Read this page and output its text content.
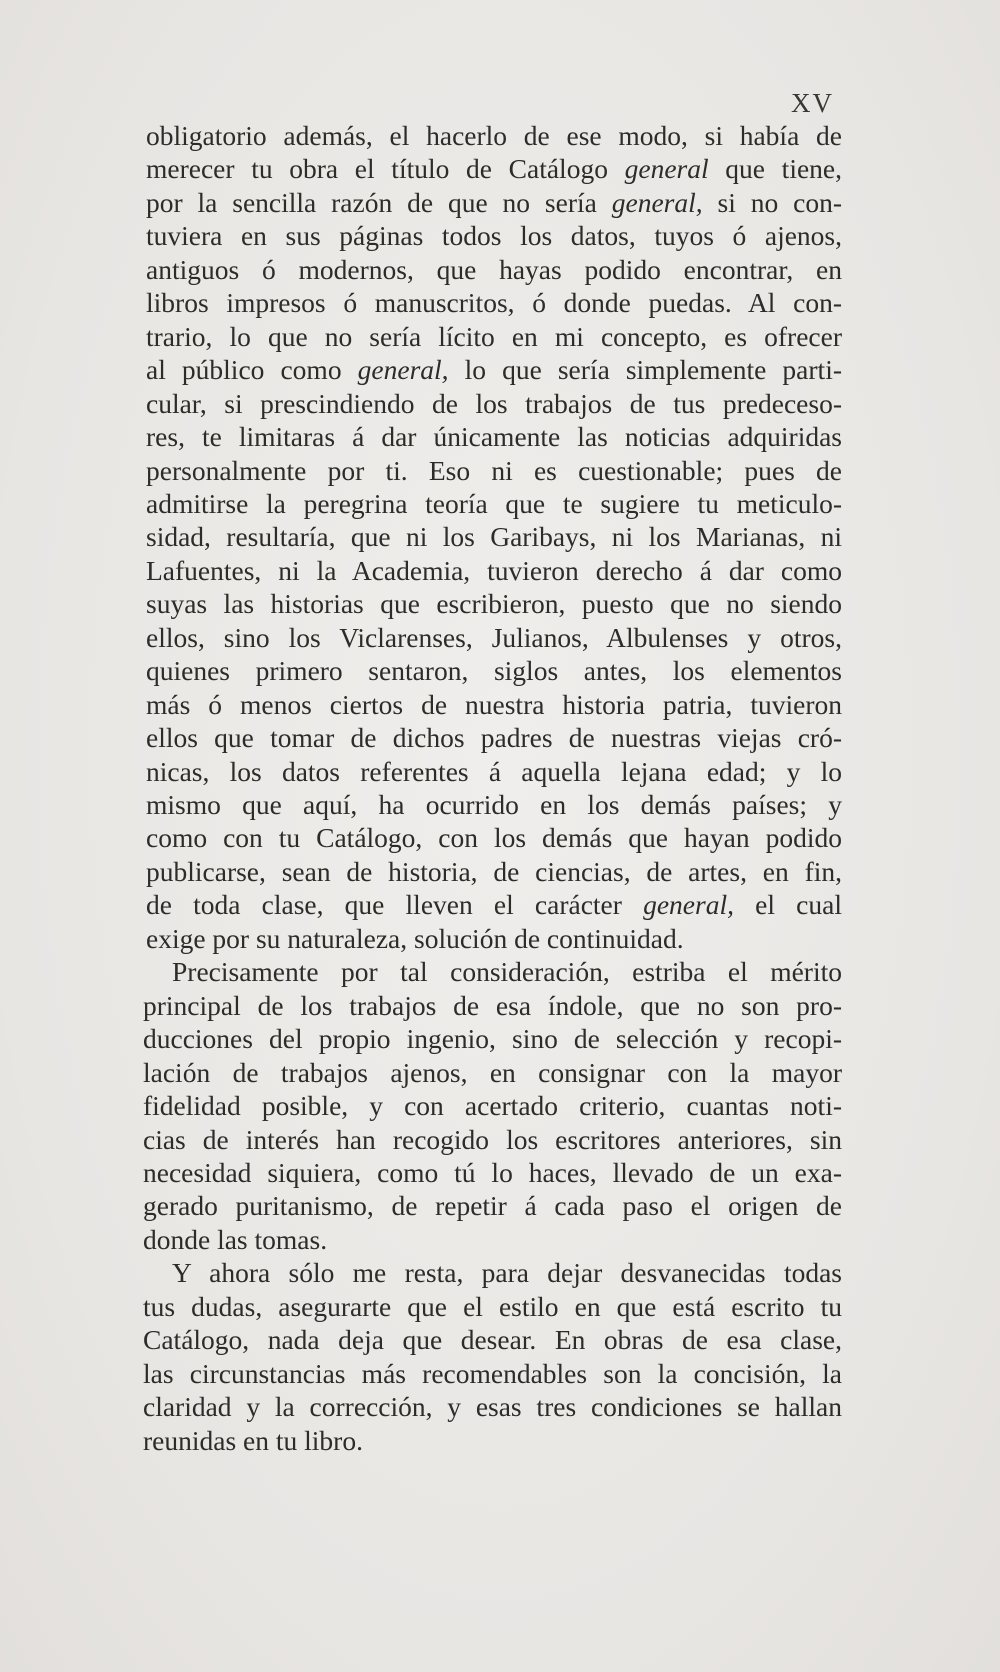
XV
obligatorio además, el hacerlo de ese modo, si había de
merecer tu obra el título de Catálogo general que tiene,
por la sencilla razón de que no sería general, si no con-
tuviera en sus páginas todos los datos, tuyos ó ajenos,
antiguos ó modernos, que hayas podido encontrar, en
libros impresos ó manuscritos, ó donde puedas. Al con-
trario, lo que no sería lícito en mi concepto, es ofrecer
al público como general, lo que sería simplemente parti-
cular, si prescindiendo de los trabajos de tus predeceso-
res, te limitaras á dar únicamente las noticias adquiridas
personalmente por ti. Eso ni es cuestionable; pues de
admitirse la peregrina teoría que te sugiere tu meticulo-
sidad, resultaría, que ni los Garibays, ni los Marianas, ni
Lafuentes, ni la Academia, tuvieron derecho á dar como
suyas las historias que escribieron, puesto que no siendo
ellos, sino los Viclarenses, Julianos, Albulenses y otros,
quienes primero sentaron, siglos antes, los elementos
más ó menos ciertos de nuestra historia patria, tuvieron
ellos que tomar de dichos padres de nuestras viejas cró-
nicas, los datos referentes á aquella lejana edad; y lo
mismo que aquí, ha ocurrido en los demás países; y
como con tu Catálogo, con los demás que hayan podido
publicarse, sean de historia, de ciencias, de artes, en fin,
de toda clase, que lleven el carácter general, el cual
exige por su naturaleza, solución de continuidad.
Precisamente por tal consideración, estriba el mérito
principal de los trabajos de esa índole, que no son pro-
ducciones del propio ingenio, sino de selección y recopi-
lación de trabajos ajenos, en consignar con la mayor
fidelidad posible, y con acertado criterio, cuantas noti-
cias de interés han recogido los escritores anteriores, sin
necesidad siquiera, como tú lo haces, llevado de un exa-
gerado puritanismo, de repetir á cada paso el origen de
donde las tomas.
Y ahora sólo me resta, para dejar desvanecidas todas
tus dudas, asegurarte que el estilo en que está escrito tu
Catálogo, nada deja que desear. En obras de esa clase,
las circunstancias más recomendables son la concisión, la
claridad y la corrección, y esas tres condiciones se hallan
reunidas en tu libro.
